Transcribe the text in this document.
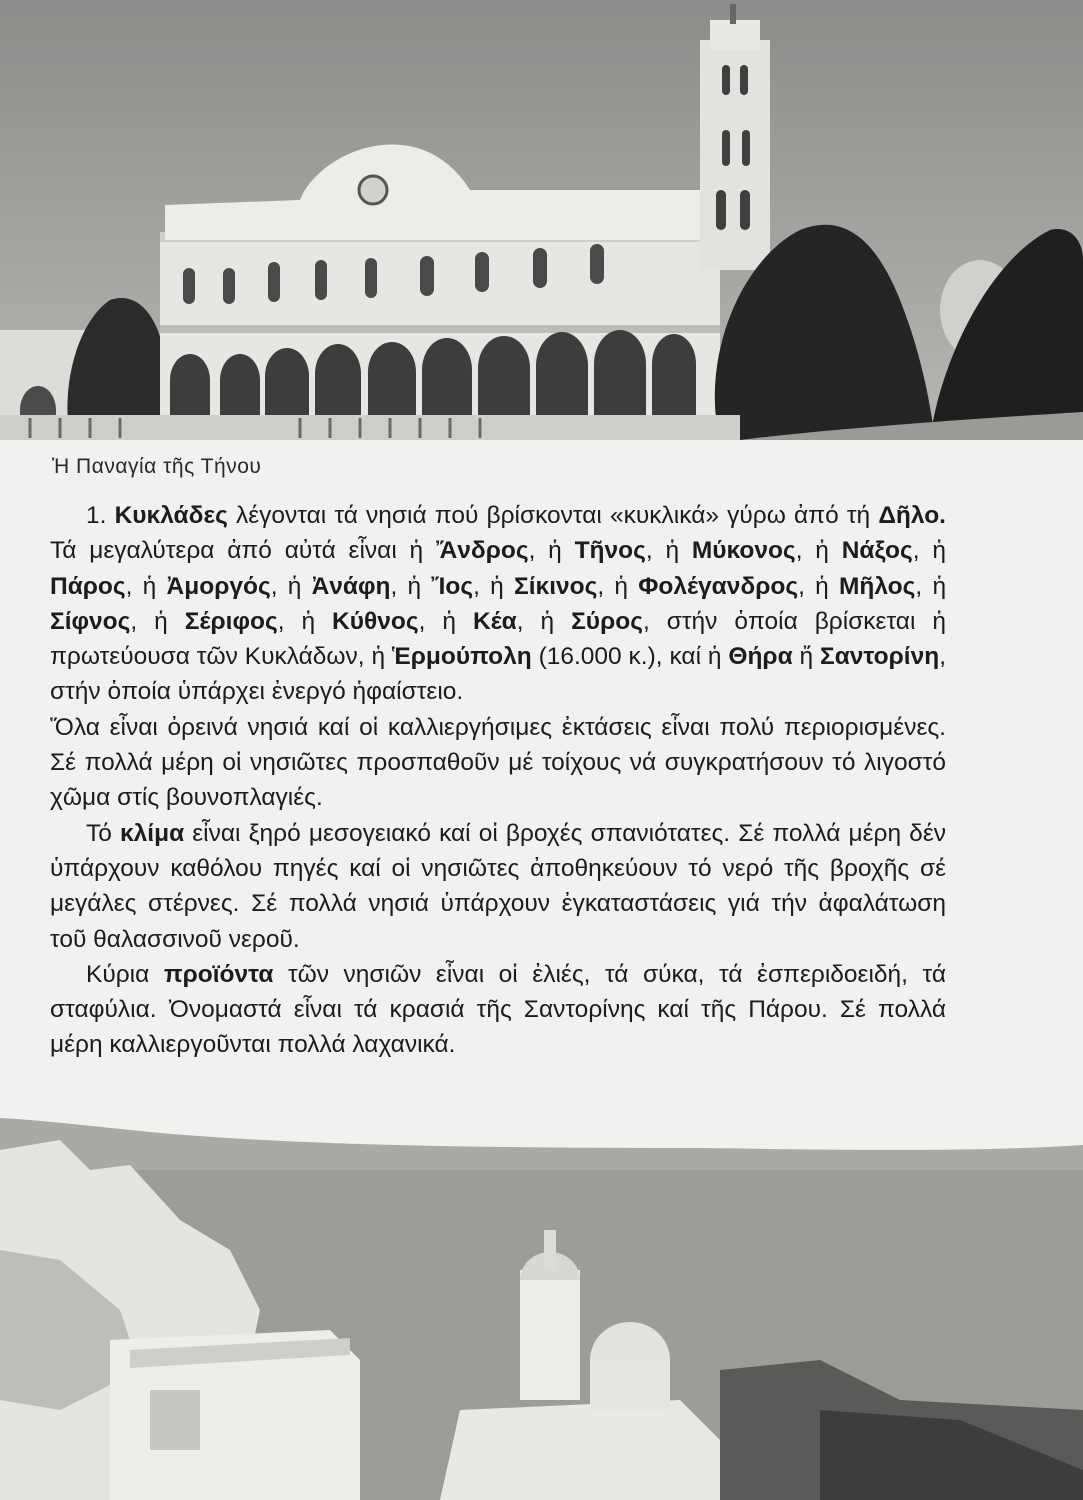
Ἡ Παναγία τῆς Τήνου

1. Κυκλάδες λέγονται τά νησιά πού βρίσκονται «κυκλικά» γύρω ἀπό τή Δῆλο. Τά μεγαλύτερα ἀπό αὐτά εἶναι ἡ Ἄνδρος, ἡ Τῆνος, ἡ Μύκονος, ἡ Νάξος, ἡ Πάρος, ἡ Ἀμοργός, ἡ Ἀνάφη, ἡ Ἴος, ἡ Σίκινος, ἡ Φολέγανδρος, ἡ Μῆλος, ἡ Σίφνος, ἡ Σέριφος, ἡ Κύθνος, ἡ Κέα, ἡ Σύρος, στήν ὁποία βρίσκεται ἡ πρωτεύουσα τῶν Κυκλάδων, ἡ Ἑρμούπολη (16.000 κ.), καί ἡ Θήρα ἤ Σαντορίνη, στήν ὁποία ὑπάρχει ἐνεργό ἡφαίστειο.

Ὅλα εἶναι ὀρεινά νησιά καί οἱ καλλιεργήσιμες ἐκτάσεις εἶναι πολύ περιορισμένες. Σέ πολλά μέρη οἱ νησιῶτες προσπαθοῦν μέ τοίχους νά συγκρατήσουν τό λιγοστό χῶμα στίς βουνοπλαγιές.

Τό κλίμα εἶναι ξηρό μεσογειακό καί οἱ βροχές σπανιότατες. Σέ πολλά μέρη δέν ὑπάρχουν καθόλου πηγές καί οἱ νησιῶτες ἀποθηκεύουν τό νερό τῆς βροχῆς σέ μεγάλες στέρνες. Σέ πολλά νησιά ὑπάρχουν ἐγκαταστάσεις γιά τήν ἀφαλάτωση τοῦ θαλασσινοῦ νεροῦ.

Κύρια προϊόντα τῶν νησιῶν εἶναι οἱ ἐλιές, τά σύκα, τά ἐσπεριδοειδή, τά σταφύλια. Ὀνομαστά εἶναι τά κρασιά τῆς Σαντορίνης καί τῆς Πάρου. Σέ πολλά μέρη καλλιεργοῦνται πολλά λαχανικά.
